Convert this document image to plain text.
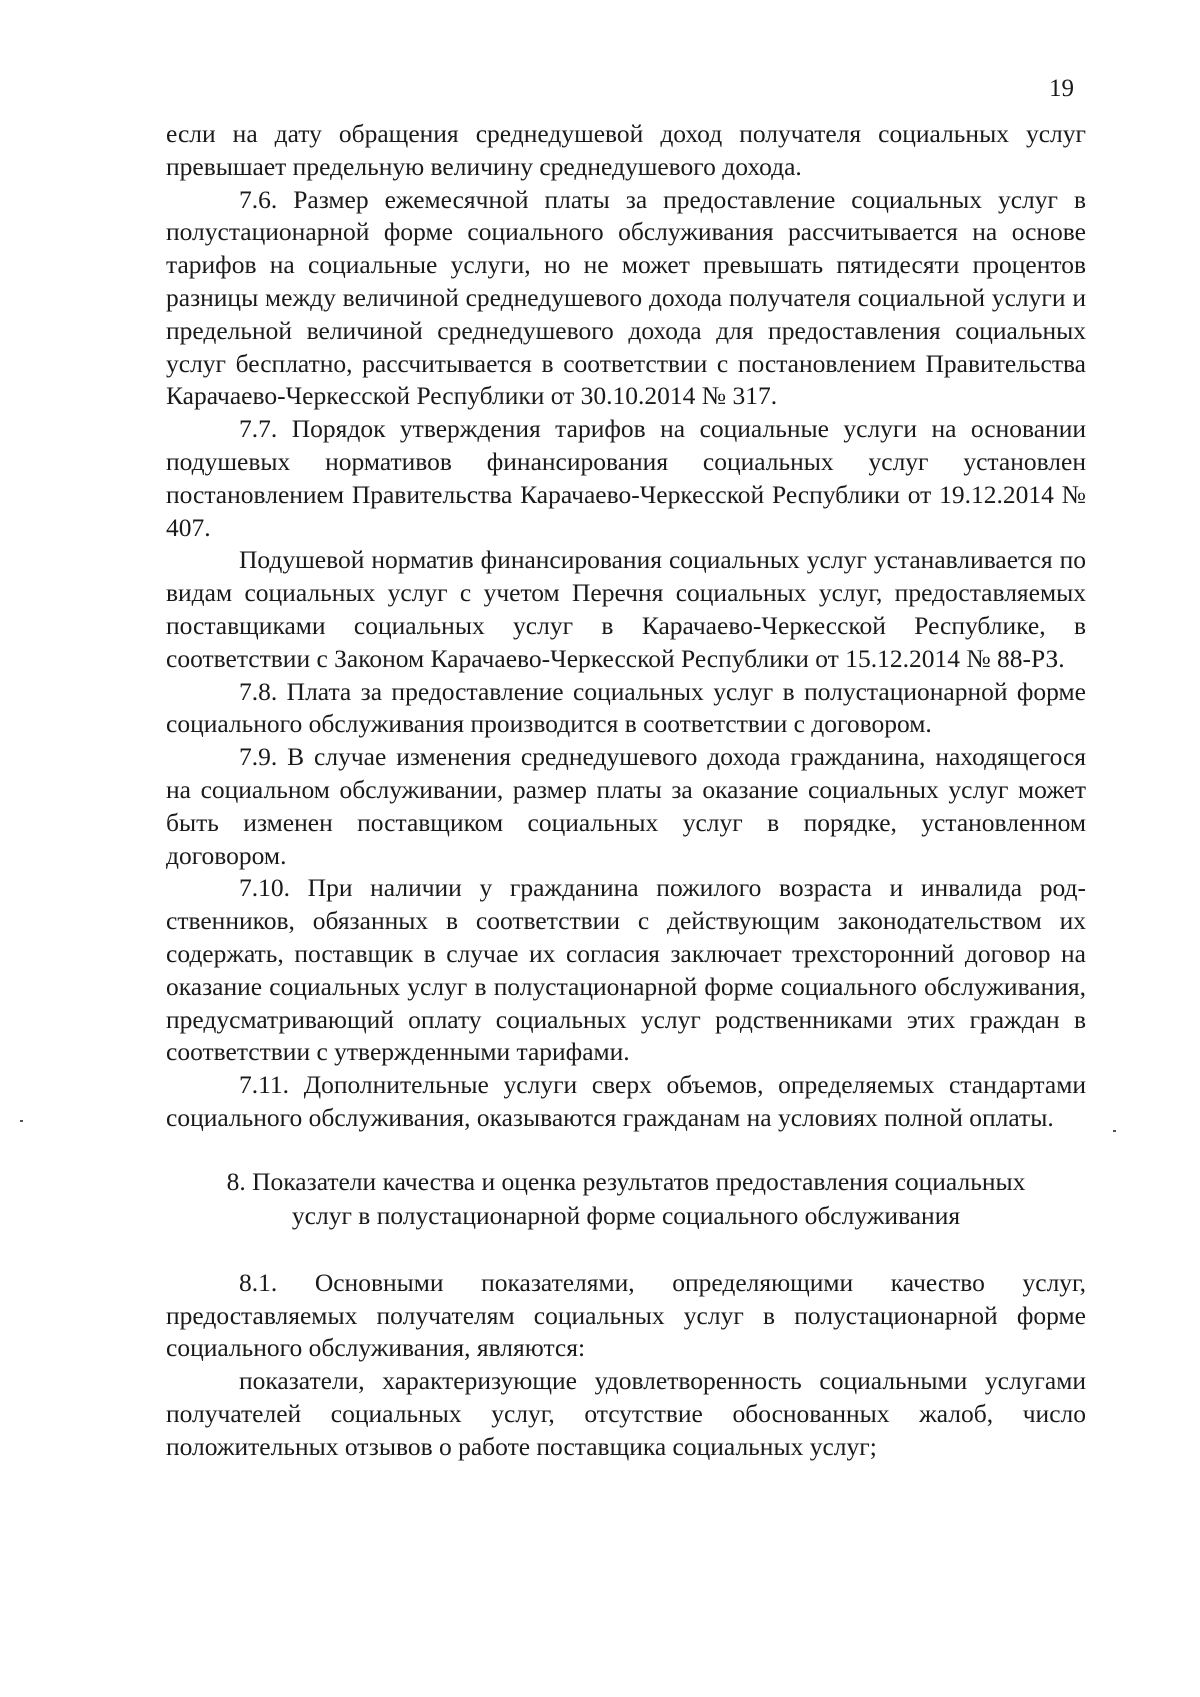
19

если на дату обращения среднедушевой доход получателя социальных услуг превышает предельную величину среднедушевого дохода.

7.6. Размер ежемесячной платы за предоставление социальных услуг в полустационарной форме социального обслуживания рассчитывается на основе тарифов на социальные услуги, но не может превышать пятидесяти процентов разницы между величиной среднедушевого дохода получателя социальной услуги и предельной величиной среднедушевого дохода для предоставления социальных услуг бесплатно, рассчитывается в соответствии с постановлением Правительства Карачаево-Черкесской Республики от 30.10.2014 № 317.

7.7. Порядок утверждения тарифов на социальные услуги на основании подушевых нормативов финансирования социальных услуг установлен постановлением Правительства Карачаево-Черкесской Республики от 19.12.2014 № 407.

Подушевой норматив финансирования социальных услуг устанавливается по видам социальных услуг с учетом Перечня социальных услуг, предоставляемых поставщиками социальных услуг в Карачаево-Черкесской Республике, в соответствии с Законом Карачаево-Черкесской Республики от 15.12.2014 № 88-РЗ.

7.8. Плата за предоставление социальных услуг в полустационарной форме социального обслуживания производится в соответствии с договором.

7.9. В случае изменения среднедушевого дохода гражданина, находящегося на социальном обслуживании, размер платы за оказание социальных услуг может быть изменен поставщиком социальных услуг в порядке, установленном договором.

7.10. При наличии у гражданина пожилого возраста и инвалида родственников, обязанных в соответствии с действующим законодательством их содержать, поставщик в случае их согласия заключает трехсторонний договор на оказание социальных услуг в полустационарной форме социального обслуживания, предусматривающий оплату социальных услуг родственниками этих граждан в соответствии с утвержденными тарифами.

7.11. Дополнительные услуги сверх объемов, определяемых стандартами социального обслуживания, оказываются гражданам на условиях полной оплаты.

8. Показатели качества и оценка результатов предоставления социальных
услуг в полустационарной форме социального обслуживания

8.1. Основными показателями, определяющими качество услуг, предоставляемых получателям социальных услуг в полустационарной форме социального обслуживания, являются:

показатели, характеризующие удовлетворенность социальными услугами получателей социальных услуг, отсутствие обоснованных жалоб, число положительных отзывов о работе поставщика социальных услуг;
